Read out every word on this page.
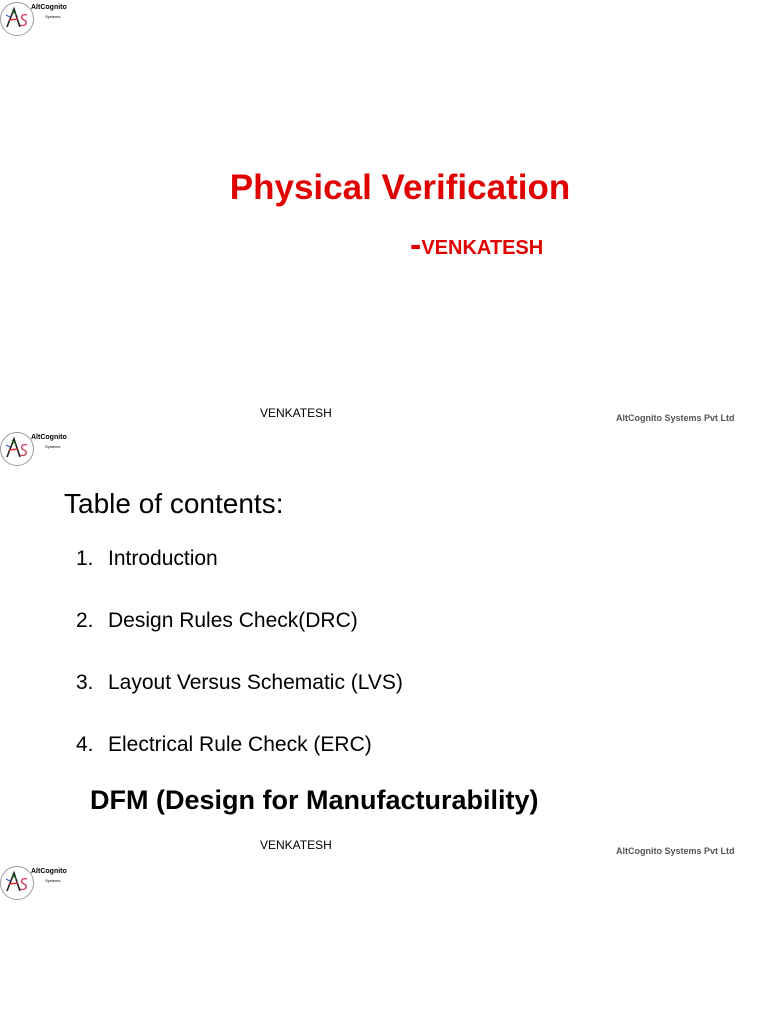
AltCognito
Systems
Physical Verification
-VENKATESH
VENKATESH	AltCognito Systems Pvt Ltd
AltCognito
Systems
Table of contents:
1. Introduction
2. Design Rules Check(DRC)
3. Layout Versus Schematic (LVS)
4. Electrical Rule Check (ERC)
DFM (Design for Manufacturability)
VENKATESH	AltCognito Systems Pvt Ltd
AltCognito
Systems
